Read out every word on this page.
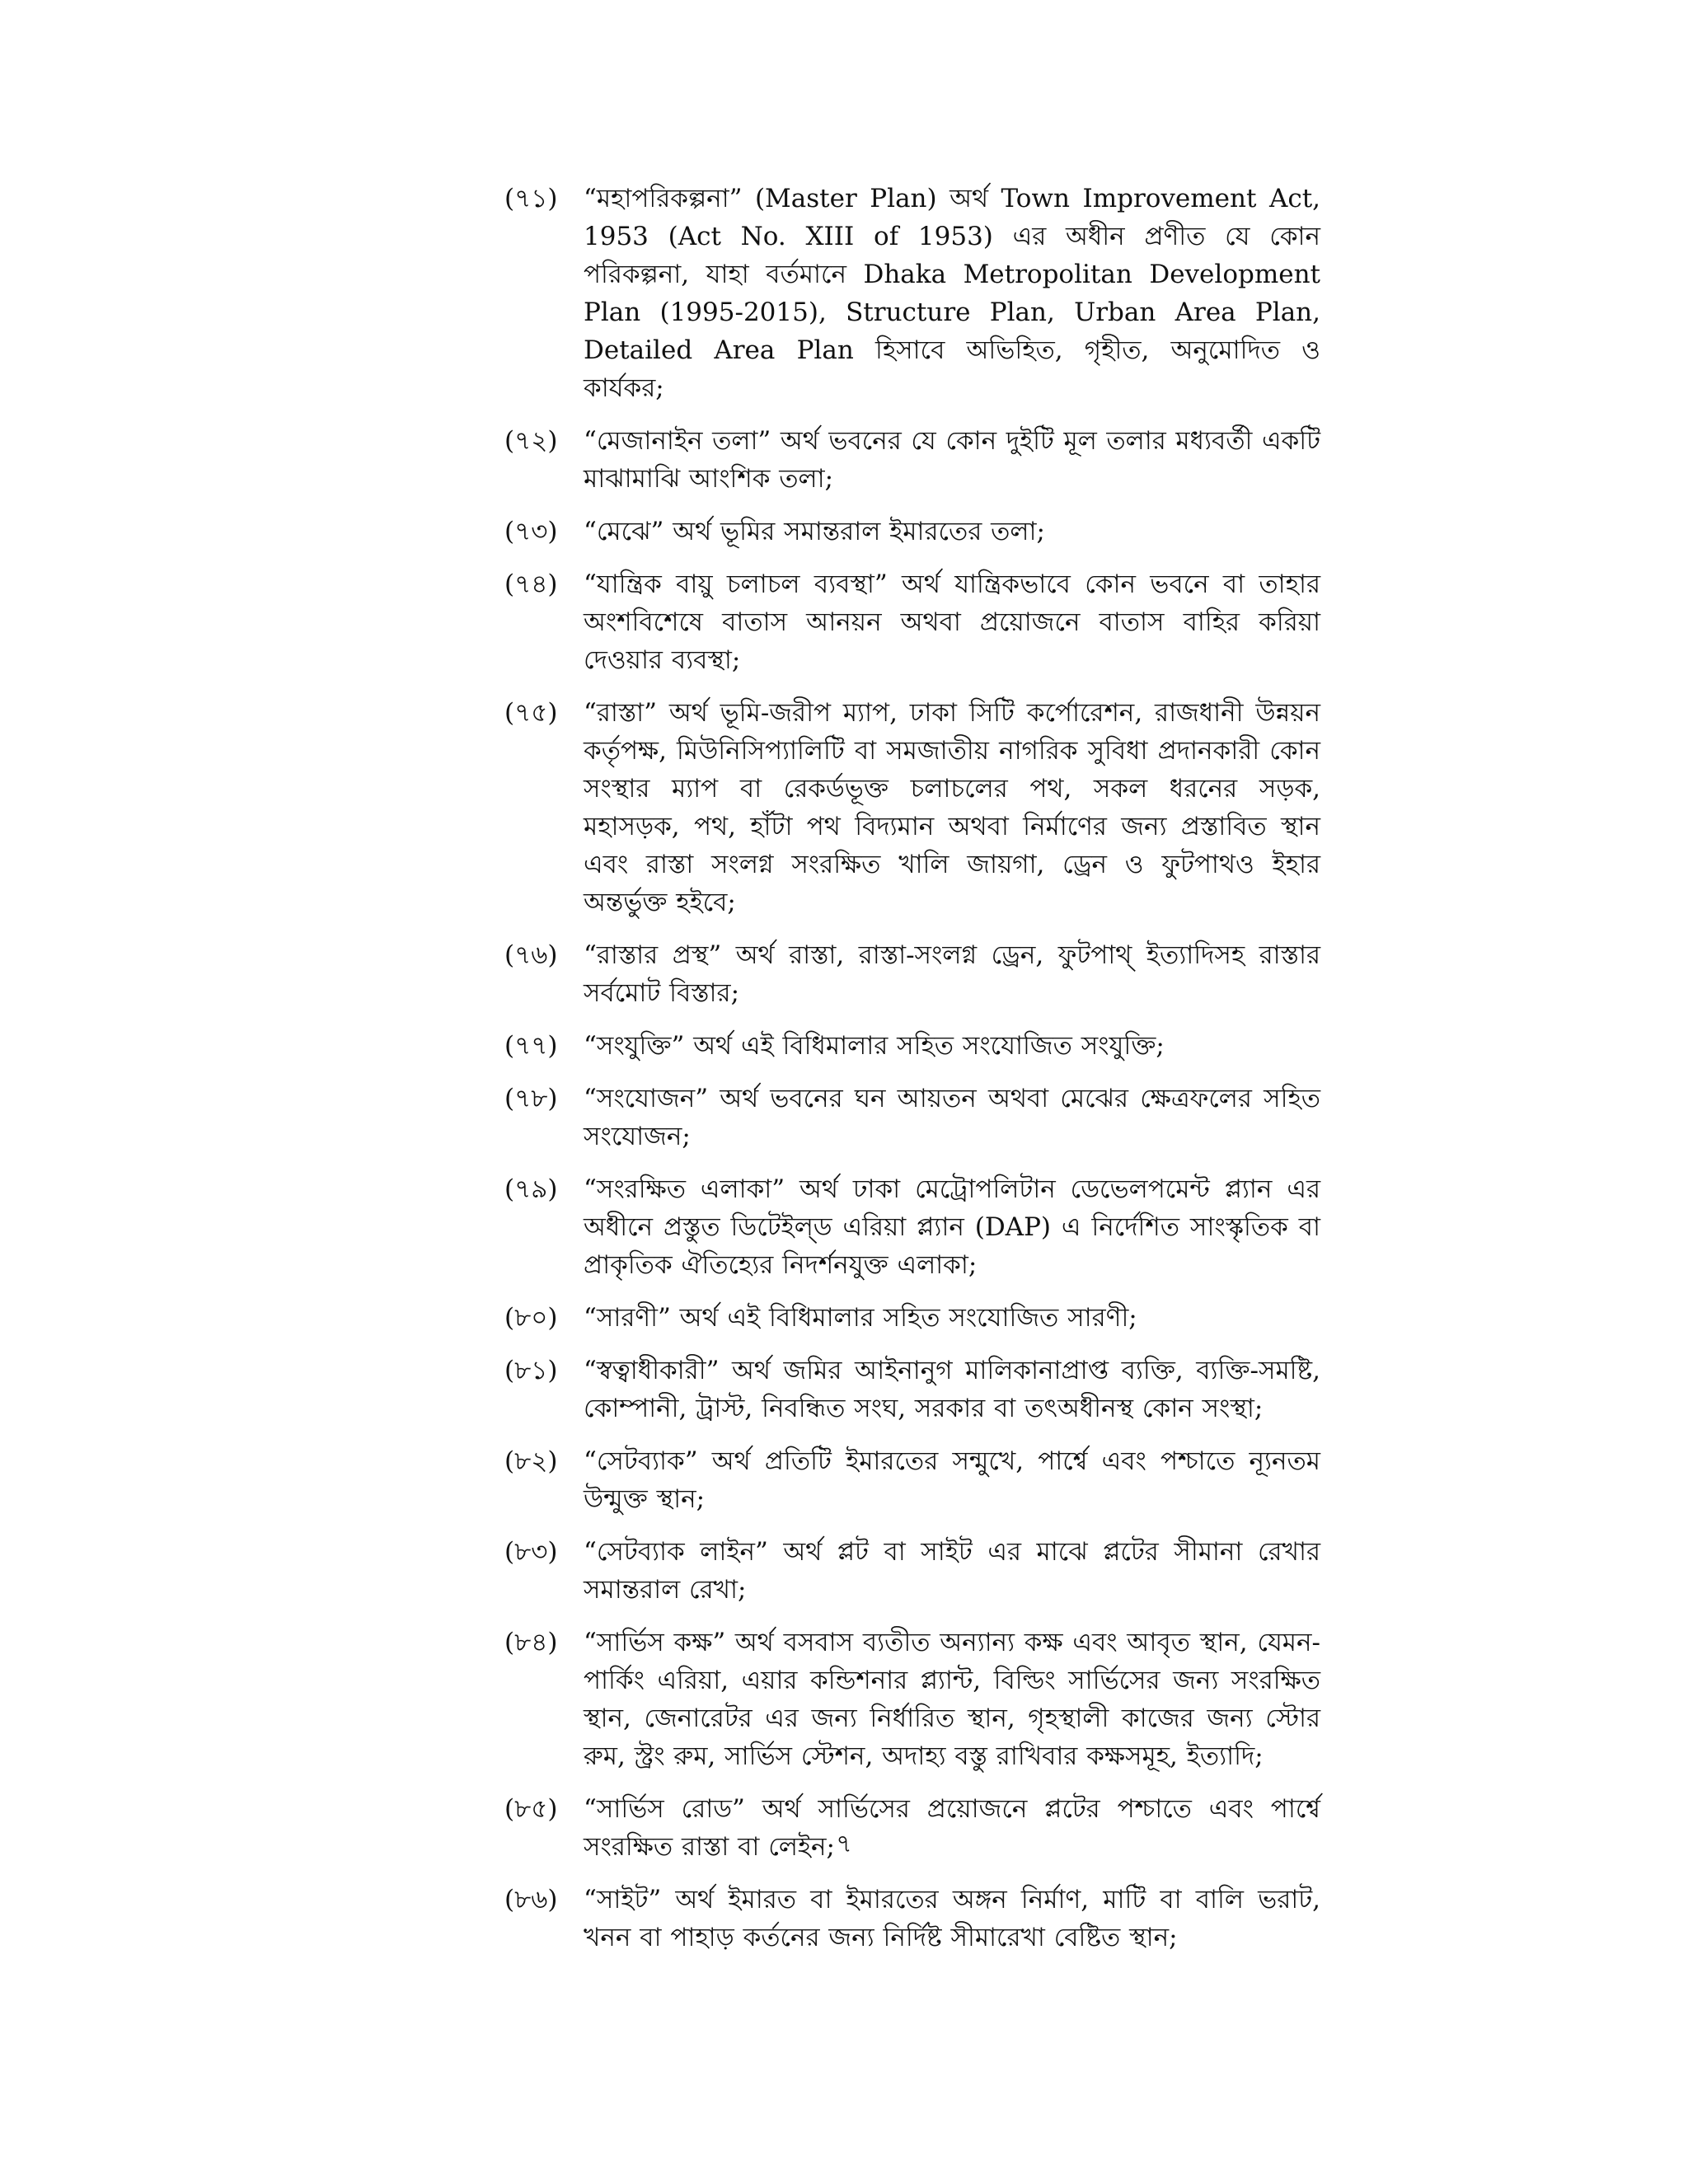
(৭১)	“মহাপরিকল্পনা” (Master Plan) অর্থ Town Improvement Act, 1953 (Act No. XIII of 1953) এর অধীন প্রণীত যে কোন পরিকল্পনা, যাহা বর্তমানে Dhaka Metropolitan Development Plan (1995-2015), Structure Plan, Urban Area Plan, Detailed Area Plan হিসাবে অভিহিত, গৃহীত, অনুমোদিত ও কার্যকর;
(৭২)	“মেজানাইন তলা” অর্থ ভবনের যে কোন দুইটি মূল তলার মধ্যবর্তী একটি মাঝামাঝি আংশিক তলা;
(৭৩)	“মেঝে” অর্থ ভূমির সমান্তরাল ইমারতের তলা;
(৭৪)	“যান্ত্রিক বায়ু চলাচল ব্যবস্থা” অর্থ যান্ত্রিকভাবে কোন ভবনে বা তাহার অংশবিশেষে বাতাস আনয়ন অথবা প্রয়োজনে বাতাস বাহির করিয়া দেওয়ার ব্যবস্থা;
(৭৫)	“রাস্তা” অর্থ ভূমি-জরীপ ম্যাপ, ঢাকা সিটি কর্পোরেশন, রাজধানী উন্নয়ন কর্তৃপক্ষ, মিউনিসিপ্যালিটি বা সমজাতীয় নাগরিক সুবিধা প্রদানকারী কোন সংস্থার ম্যাপ বা রেকর্ডভূক্ত চলাচলের পথ, সকল ধরনের সড়ক, মহাসড়ক, পথ, হাঁটা পথ বিদ্যমান অথবা নির্মাণের জন্য প্রস্তাবিত স্থান এবং রাস্তা সংলগ্ন সংরক্ষিত খালি জায়গা, ড্রেন ও ফুটপাথও ইহার অন্তর্ভুক্ত হইবে;
(৭৬)	“রাস্তার প্রস্থ” অর্থ রাস্তা, রাস্তা-সংলগ্ন ড্রেন, ফুটপাথ্ ইত্যাদিসহ রাস্তার সর্বমোট বিস্তার;
(৭৭)	“সংযুক্তি” অর্থ এই বিধিমালার সহিত সংযোজিত সংযুক্তি;
(৭৮)	“সংযোজন” অর্থ ভবনের ঘন আয়তন অথবা মেঝের ক্ষেত্রফলের সহিত সংযোজন;
(৭৯)	“সংরক্ষিত এলাকা” অর্থ ঢাকা মেট্রোপলিটান ডেভেলপমেন্ট প্ল্যান এর অধীনে প্রস্তুত ডিটেইল্‌ড এরিয়া প্ল্যান (DAP) এ নির্দেশিত সাংস্কৃতিক বা প্রাকৃতিক ঐতিহ্যের নিদর্শনযুক্ত এলাকা;
(৮০)	“সারণী” অর্থ এই বিধিমালার সহিত সংযোজিত সারণী;
(৮১)	“স্বত্বাধীকারী” অর্থ জমির আইনানুগ মালিকানাপ্রাপ্ত ব্যক্তি, ব্যক্তি-সমষ্টি, কোম্পানী, ট্রাস্ট, নিবন্ধিত সংঘ, সরকার বা তৎঅধীনস্থ কোন সংস্থা;
(৮২)	“সেটব্যাক” অর্থ প্রতিটি ইমারতের সন্মুখে, পার্শ্বে এবং পশ্চাতে ন্যূনতম উন্মুক্ত স্থান;
(৮৩)	“সেটব্যাক লাইন” অর্থ প্লট বা সাইট এর মাঝে প্লটের সীমানা রেখার সমান্তরাল রেখা;
(৮৪)	“সার্ভিস কক্ষ” অর্থ বসবাস ব্যতীত অন্যান্য কক্ষ এবং আবৃত স্থান, যেমন- পার্কিং এরিয়া, এয়ার কন্ডিশনার প্ল্যান্ট, বিল্ডিং সার্ভিসের জন্য সংরক্ষিত স্থান, জেনারেটর এর জন্য নির্ধারিত স্থান, গৃহস্থালী কাজের জন্য স্টোর রুম, স্ট্রং রুম, সার্ভিস স্টেশন, অদাহ্য বস্তু রাখিবার কক্ষসমূহ, ইত্যাদি;
(৮৫)	“সার্ভিস রোড” অর্থ সার্ভিসের প্রয়োজনে প্লটের পশ্চাতে এবং পার্শ্বে সংরক্ষিত রাস্তা বা লেইন;
(৮৬)	“সাইট” অর্থ ইমারত বা ইমারতের অঙ্গন নির্মাণ, মাটি বা বালি ভরাট, খনন বা পাহাড় কর্তনের জন্য নির্দিষ্ট সীমারেখা বেষ্টিত স্থান;
৭
